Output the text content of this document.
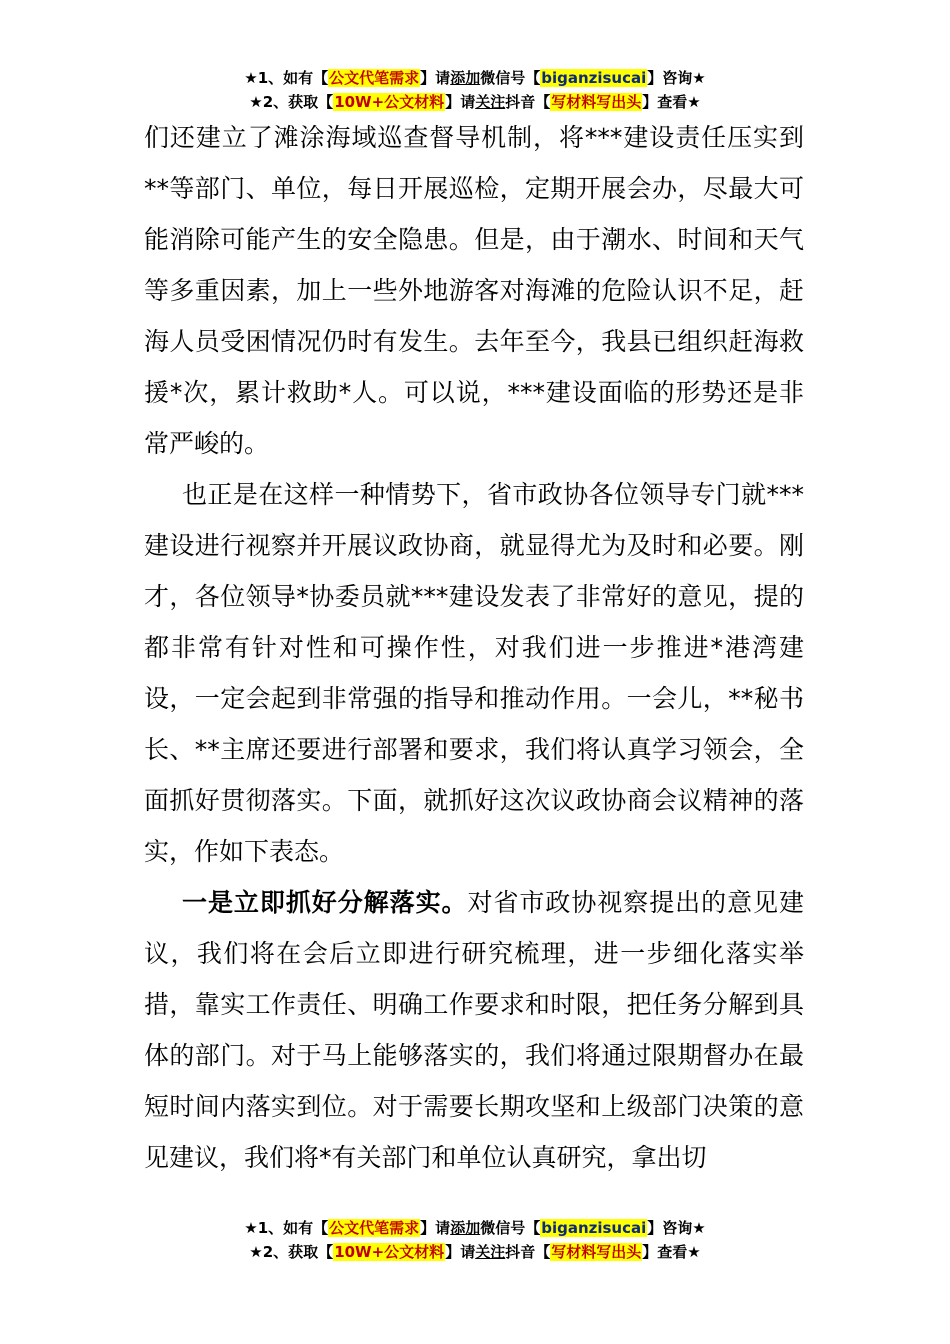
★1、如有【公文代笔需求】请添加微信号【biganzisucai】咨询★
★2、获取【10W+公文材料】请关注抖音【写材料写出头】查看★

们还建立了滩涂海域巡查督导机制，将***建设责任压实到**等部门、单位，每日开展巡检，定期开展会办，尽最大可能消除可能产生的安全隐患。但是，由于潮水、时间和天气等多重因素，加上一些外地游客对海滩的危险认识不足，赶海人员受困情况仍时有发生。去年至今，我县已组织赶海救援*次，累计救助*人。可以说，***建设面临的形势还是非常严峻的。

也正是在这样一种情势下，省市政协各位领导专门就***建设进行视察并开展议政协商，就显得尤为及时和必要。刚才，各位领导*协委员就***建设发表了非常好的意见，提的都非常有针对性和可操作性，对我们进一步推进*港湾建设，一定会起到非常强的指导和推动作用。一会儿，**秘书长、**主席还要进行部署和要求，我们将认真学习领会，全面抓好贯彻落实。下面，就抓好这次议政协商会议精神的落实，作如下表态。

一是立即抓好分解落实。对省市政协视察提出的意见建议，我们将在会后立即进行研究梳理，进一步细化落实举措，靠实工作责任、明确工作要求和时限，把任务分解到具体的部门。对于马上能够落实的，我们将通过限期督办在最短时间内落实到位。对于需要长期攻坚和上级部门决策的意见建议，我们将*有关部门和单位认真研究，拿出切

★1、如有【公文代笔需求】请添加微信号【biganzisucai】咨询★
★2、获取【10W+公文材料】请关注抖音【写材料写出头】查看★
